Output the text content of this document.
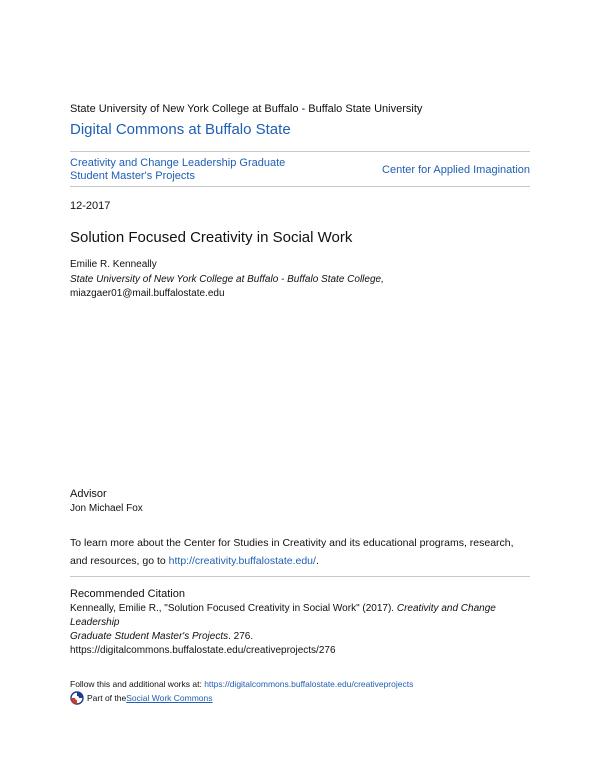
State University of New York College at Buffalo - Buffalo State University
Digital Commons at Buffalo State
Creativity and Change Leadership Graduate
Student Master's Projects	Center for Applied Imagination
12-2017
Solution Focused Creativity in Social Work
Emilie R. Kenneally
State University of New York College at Buffalo - Buffalo State College,
miazgaer01@mail.buffalostate.edu
Advisor
Jon Michael Fox
To learn more about the Center for Studies in Creativity and its educational programs, research,
and resources, go to http://creativity.buffalostate.edu/.
Recommended Citation
Kenneally, Emilie R., "Solution Focused Creativity in Social Work" (2017). Creativity and Change Leadership
Graduate Student Master's Projects. 276.
https://digitalcommons.buffalostate.edu/creativeprojects/276
Follow this and additional works at: https://digitalcommons.buffalostate.edu/creativeprojects
Part of the Social Work Commons
